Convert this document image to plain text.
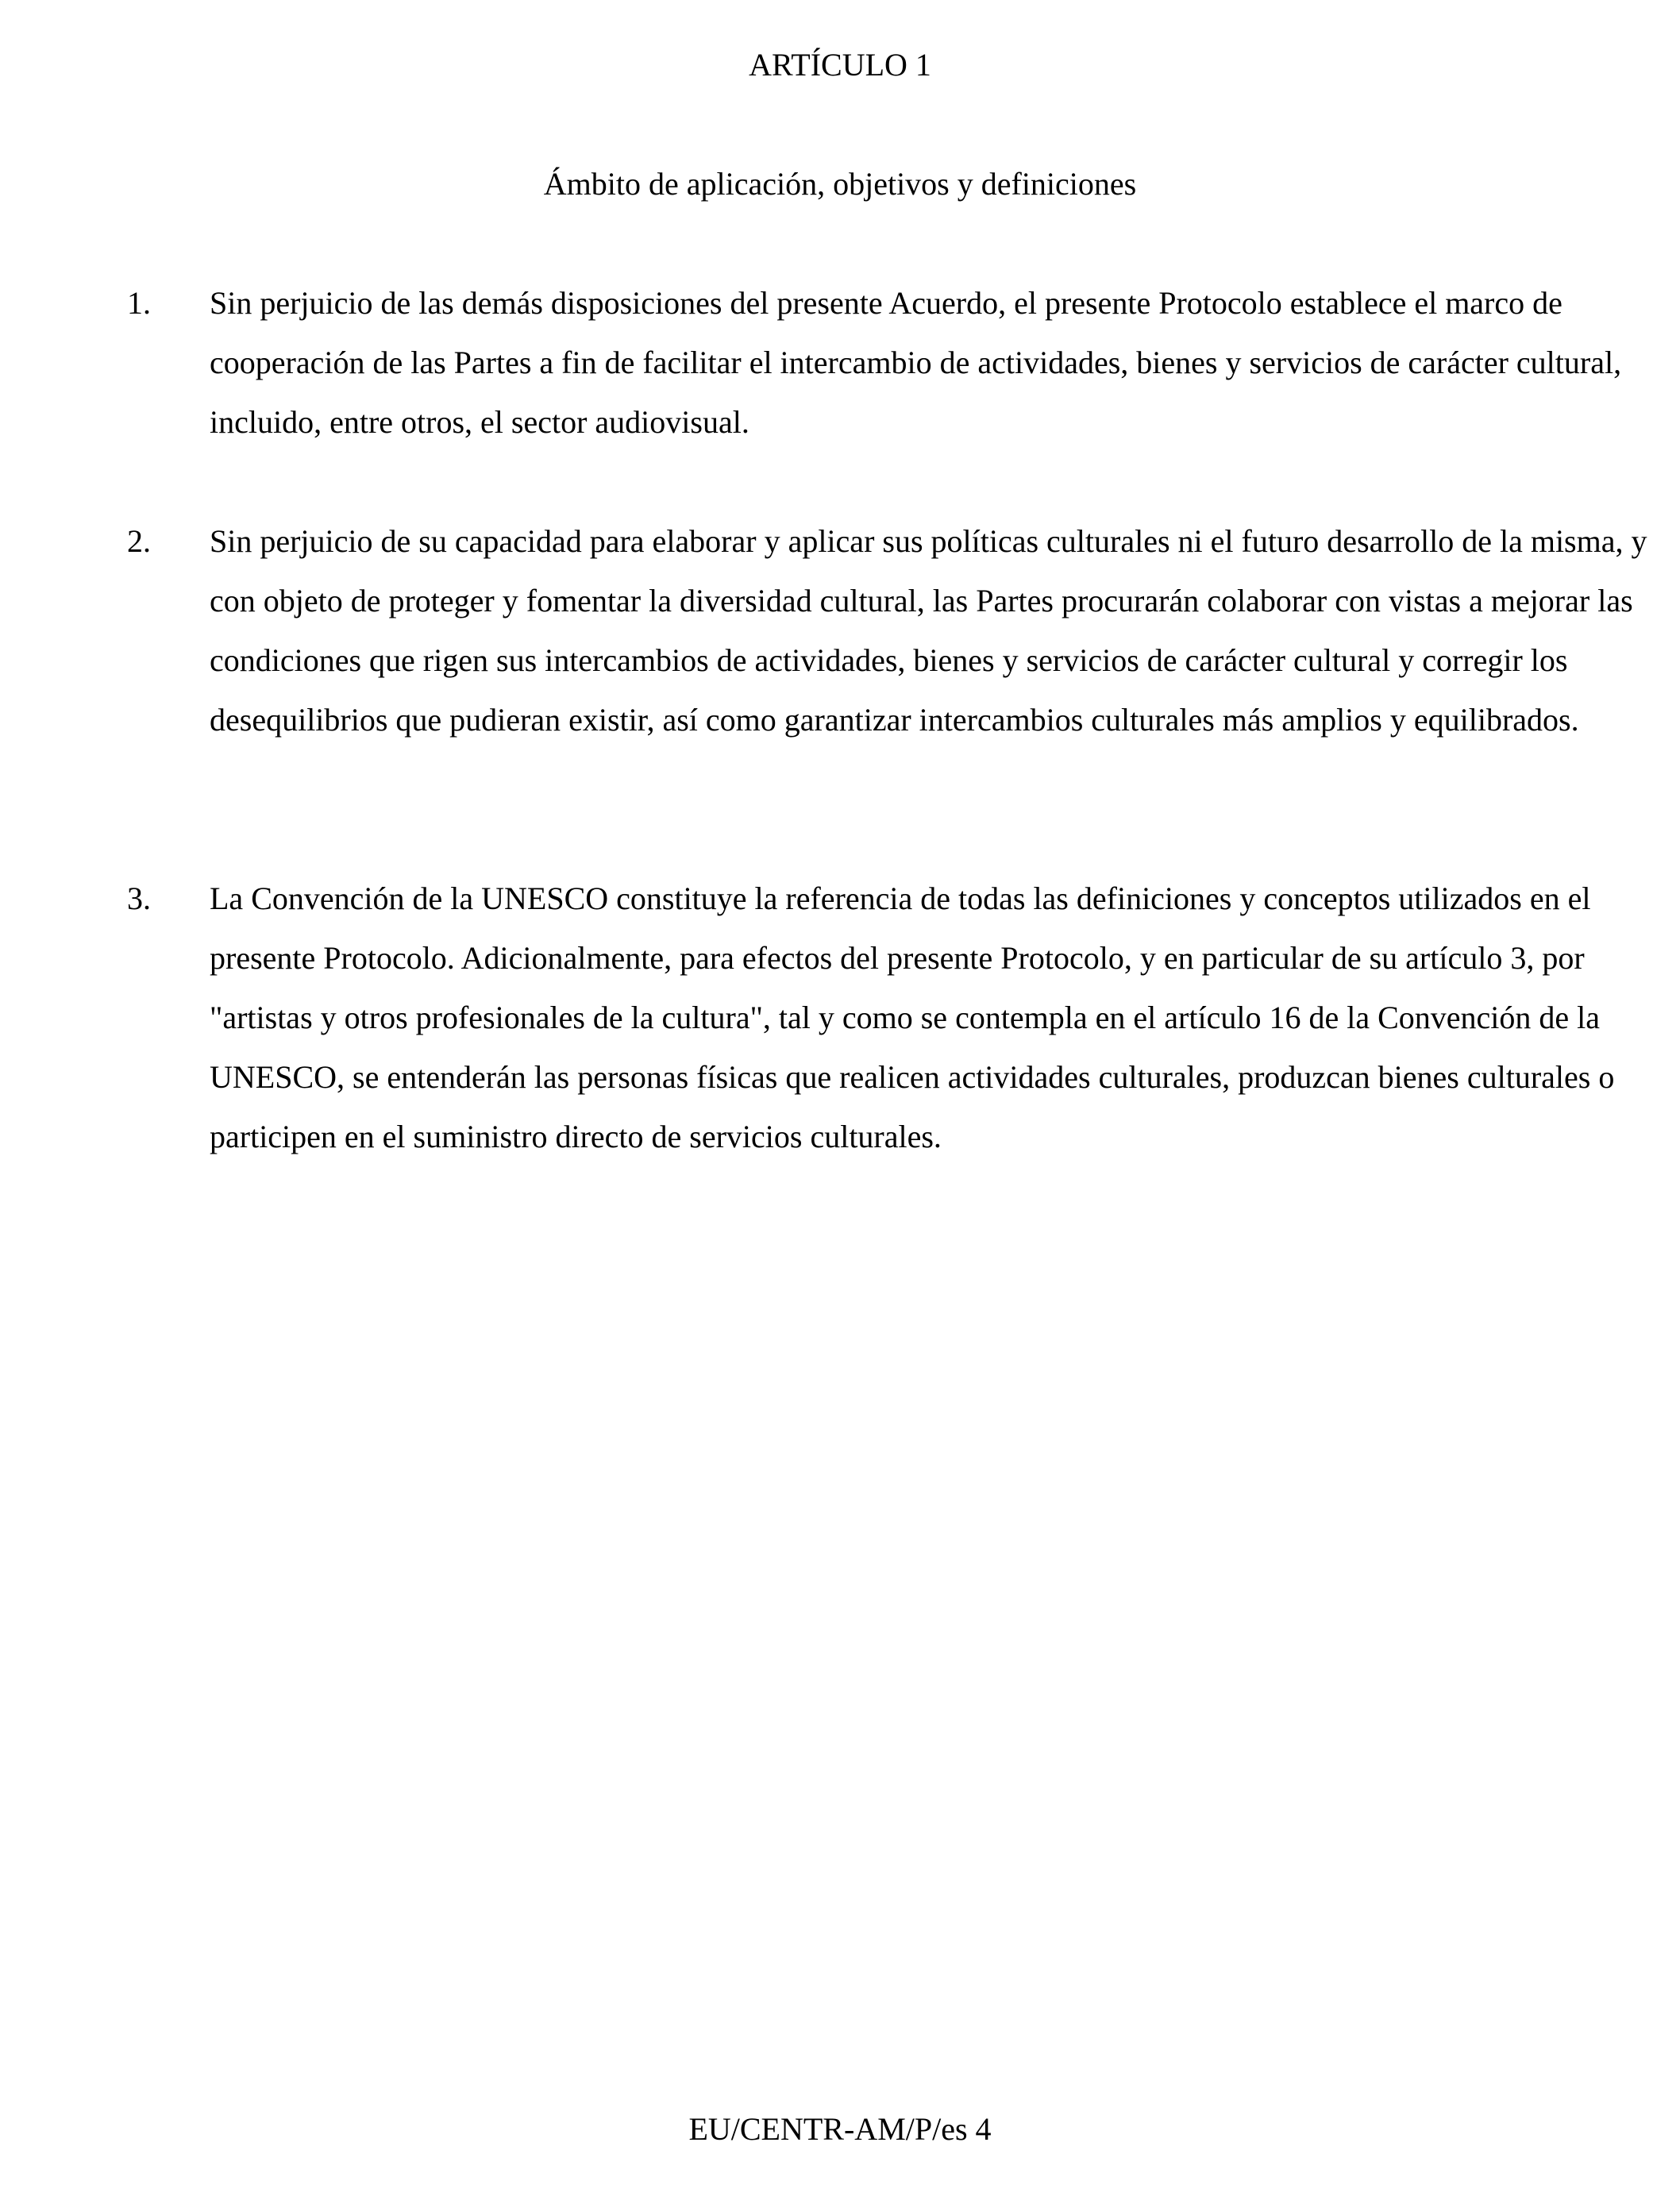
ARTÍCULO 1
Ámbito de aplicación, objetivos y definiciones
1. Sin perjuicio de las demás disposiciones del presente Acuerdo, el presente Protocolo establece el marco de cooperación de las Partes a fin de facilitar el intercambio de actividades, bienes y servicios de carácter cultural, incluido, entre otros, el sector audiovisual.

2. Sin perjuicio de su capacidad para elaborar y aplicar sus políticas culturales ni el futuro desarrollo de la misma, y con objeto de proteger y fomentar la diversidad cultural, las Partes procurarán colaborar con vistas a mejorar las condiciones que rigen sus intercambios de actividades, bienes y servicios de carácter cultural y corregir los desequilibrios que pudieran existir, así como garantizar intercambios culturales más amplios y equilibrados.

3. La Convención de la UNESCO constituye la referencia de todas las definiciones y conceptos utilizados en el presente Protocolo. Adicionalmente, para efectos del presente Protocolo, y en particular de su artículo 3, por "artistas y otros profesionales de la cultura", tal y como se contempla en el artículo 16 de la Convención de la UNESCO, se entenderán las personas físicas que realicen actividades culturales, produzcan bienes culturales o participen en el suministro directo de servicios culturales.

EU/CENTR-AM/P/es 4
